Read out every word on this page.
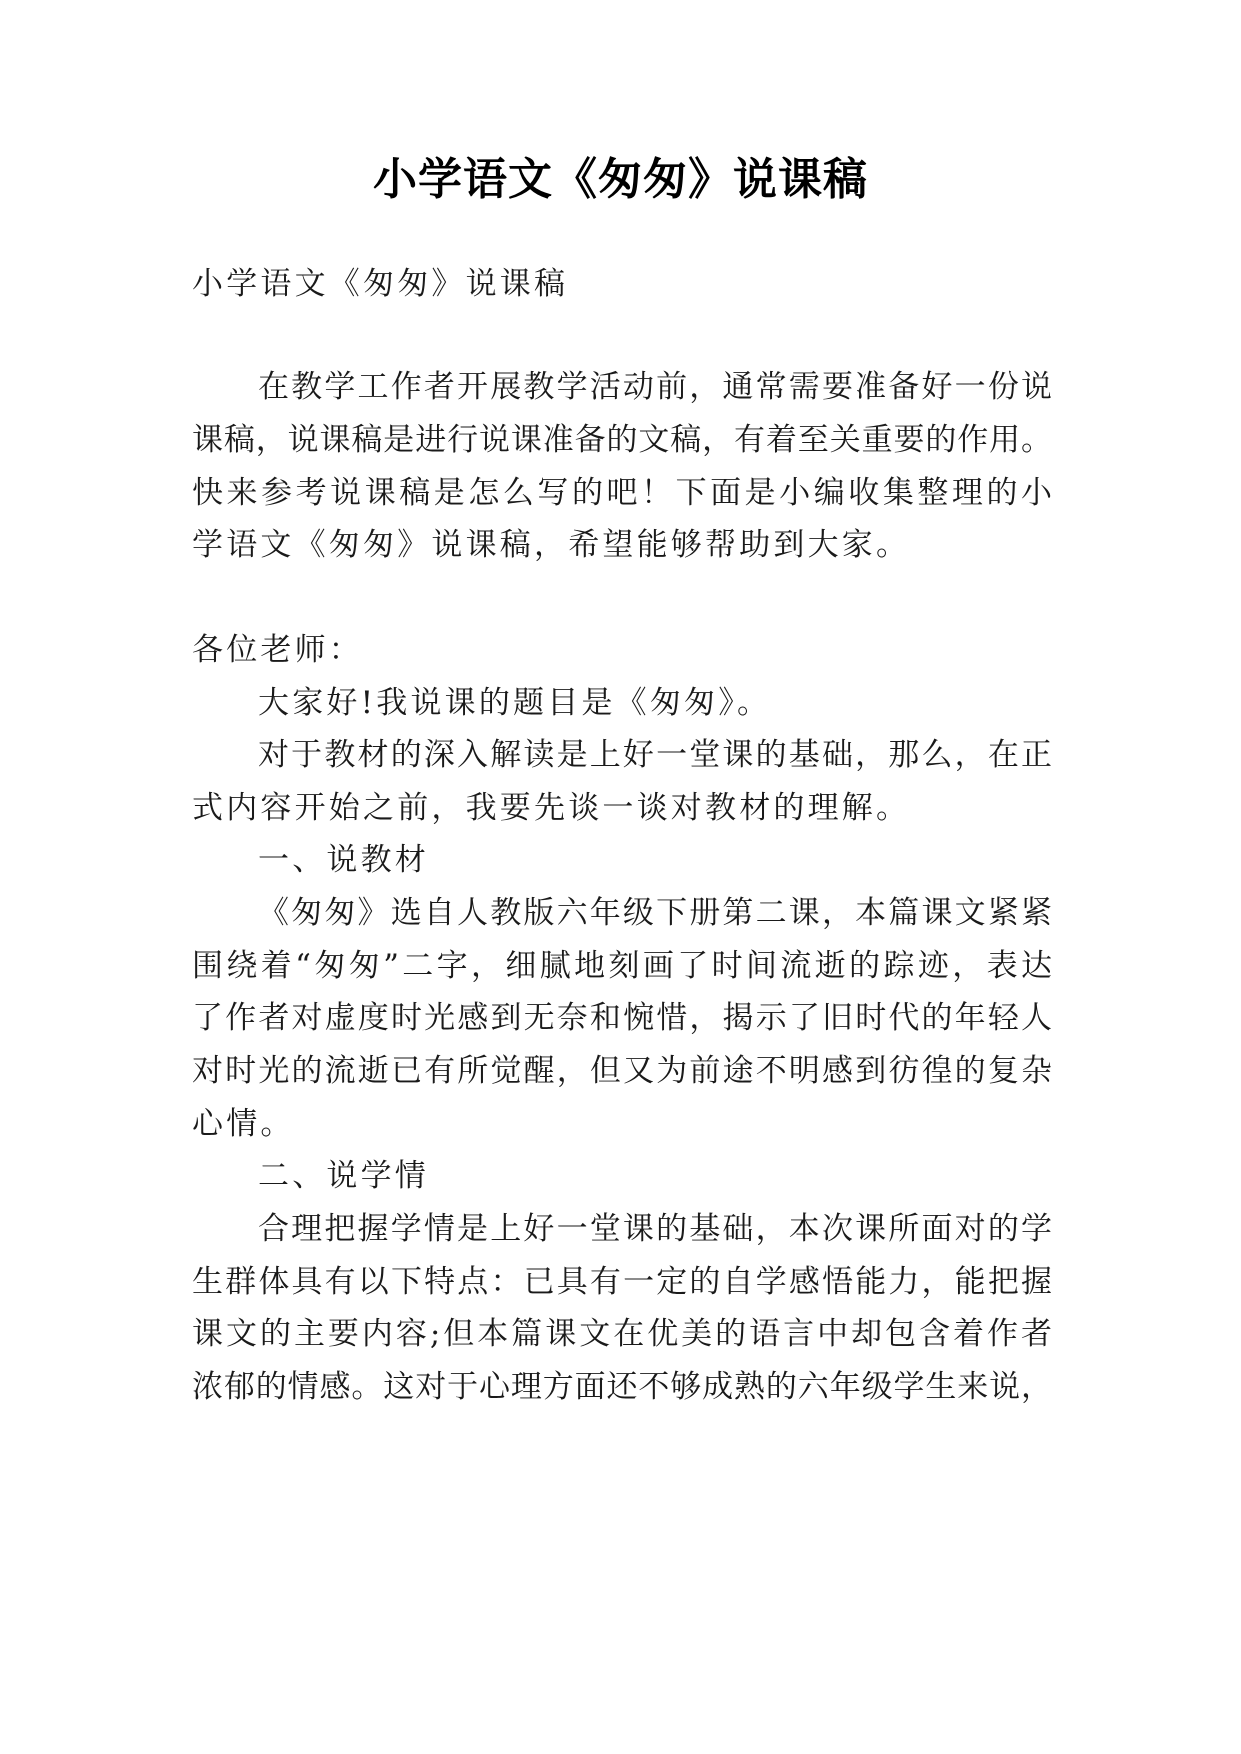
小学语文《匆匆》说课稿
小学语文《匆匆》说课稿
在教学工作者开展教学活动前，通常需要准备好一份说
课稿，说课稿是进行说课准备的文稿，有着至关重要的作用。
快来参考说课稿是怎么写的吧！下面是小编收集整理的小
学语文《匆匆》说课稿，希望能够帮助到大家。
各位老师：
大家好!我说课的题目是《匆匆》。
对于教材的深入解读是上好一堂课的基础，那么，在正
式内容开始之前，我要先谈一谈对教材的理解。
一、说教材
《匆匆》选自人教版六年级下册第二课，本篇课文紧紧
围绕着“匆匆”二字，细腻地刻画了时间流逝的踪迹，表达
了作者对虚度时光感到无奈和惋惜，揭示了旧时代的年轻人
对时光的流逝已有所觉醒，但又为前途不明感到彷徨的复杂
心情。
二、说学情
合理把握学情是上好一堂课的基础，本次课所面对的学
生群体具有以下特点：已具有一定的自学感悟能力，能把握
课文的主要内容;但本篇课文在优美的语言中却包含着作者
浓郁的情感。这对于心理方面还不够成熟的六年级学生来说，
